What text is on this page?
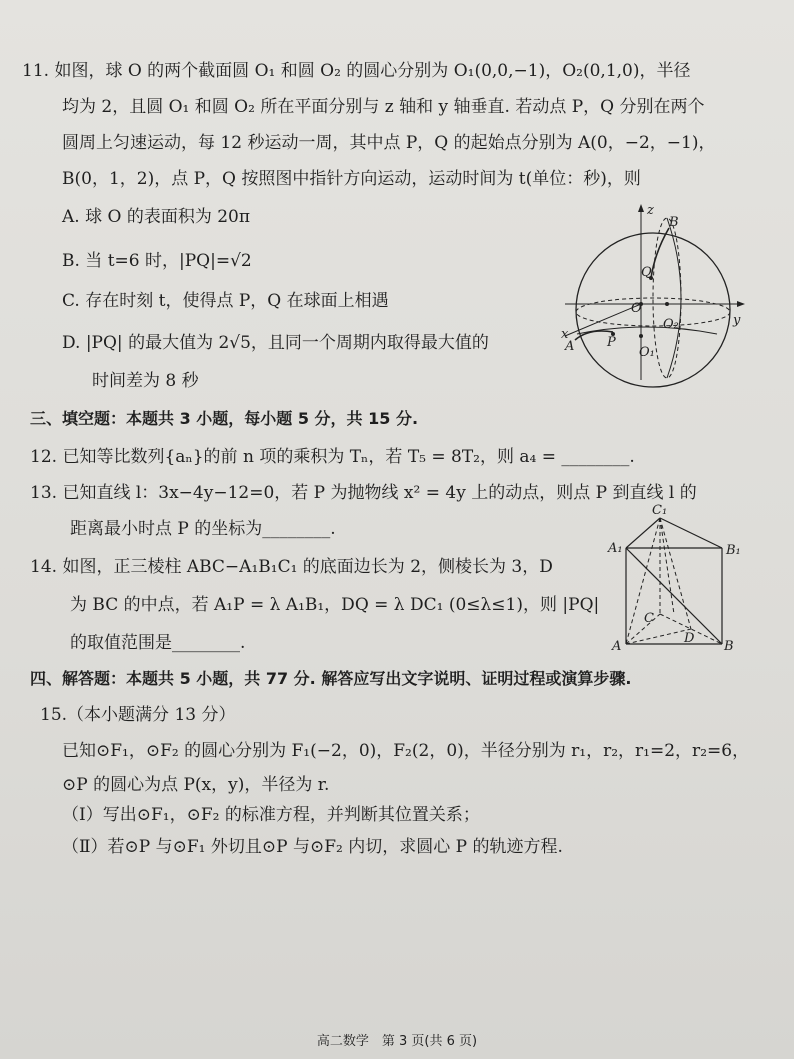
11. 如图，球 O 的两个截面圆 O₁ 和圆 O₂ 的圆心分别为 O₁(0,0,−1)，O₂(0,1,0)，半径
均为 2，且圆 O₁ 和圆 O₂ 所在平面分别与 z 轴和 y 轴垂直. 若动点 P，Q 分别在两个
圆周上匀速运动，每 12 秒运动一周，其中点 P，Q 的起始点分别为 A(0，−2，−1)，
B(0，1，2)，点 P，Q 按照图中指针方向运动，运动时间为 t(单位：秒)，则
A. 球 O 的表面积为 20π
B. 当 t=6 时，|PQ|=√2
C. 存在时刻 t，使得点 P，Q 在球面上相遇
D. |PQ| 的最大值为 2√5，且同一个周期内取得最大值的
时间差为 8 秒
z
y
x
B
Q
O
O₂
O₁
A	P
三、填空题：本题共 3 小题，每小题 5 分，共 15 分.
12. 已知等比数列{aₙ}的前 n 项的乘积为 Tₙ，若 T₅ = 8T₂，则 a₄ = ________.
13. 已知直线 l：3x−4y−12=0，若 P 为抛物线 x² = 4y 上的动点，则点 P 到直线 l 的
距离最小时点 P 的坐标为________.
14. 如图，正三棱柱 ABC−A₁B₁C₁ 的底面边长为 2，侧棱长为 3，D
为 BC 的中点，若 A₁P = λ A₁B₁，DQ = λ DC₁ (0≤λ≤1)，则 |PQ|
的取值范围是________.
C₁
A₁	B₁
C
D
A	B
四、解答题：本题共 5 小题，共 77 分. 解答应写出文字说明、证明过程或演算步骤.
15.（本小题满分 13 分）
已知⊙F₁，⊙F₂ 的圆心分别为 F₁(−2，0)，F₂(2，0)，半径分别为 r₁，r₂，r₁=2，r₂=6，
⊙P 的圆心为点 P(x，y)，半径为 r.
（Ⅰ）写出⊙F₁，⊙F₂ 的标准方程，并判断其位置关系；
（Ⅱ）若⊙P 与⊙F₁ 外切且⊙P 与⊙F₂ 内切，求圆心 P 的轨迹方程.
高二数学　第 3 页(共 6 页)
